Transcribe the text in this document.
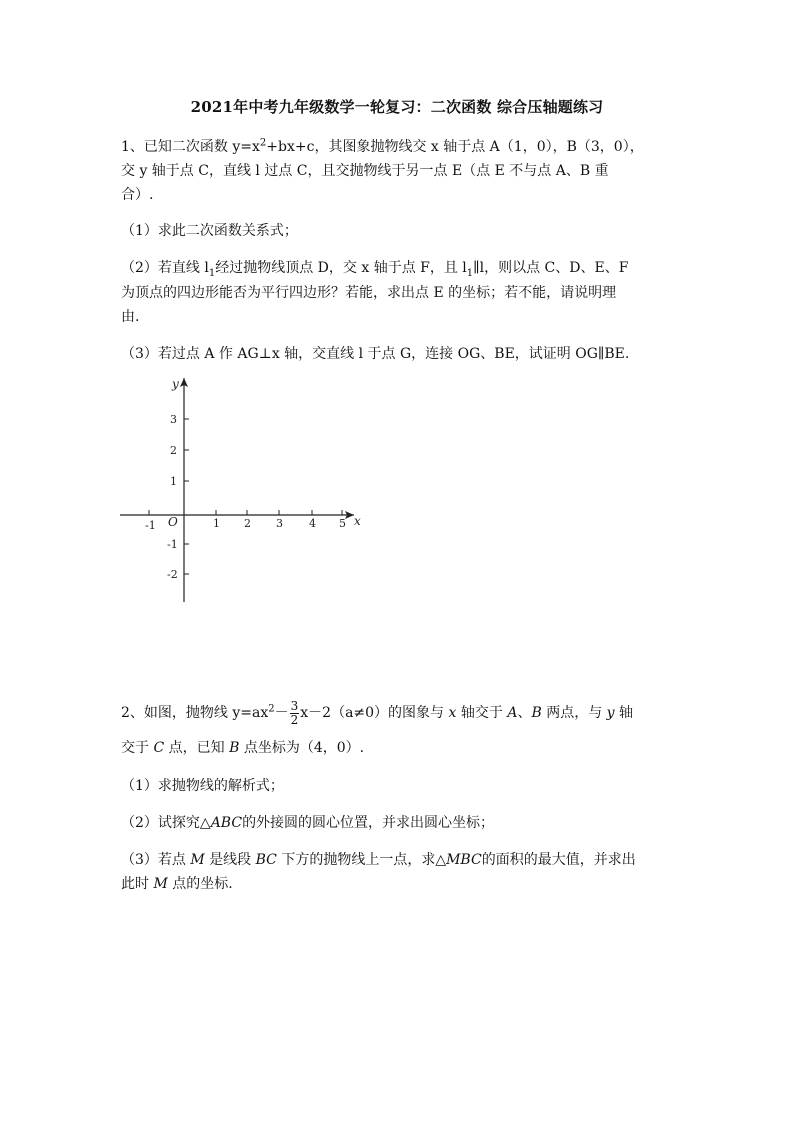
2021年中考九年级数学一轮复习：二次函数 综合压轴题练习
1、已知二次函数 $y=x^2+bx+c$，其图象抛物线交 x 轴于点 A（1，0），B（3，0），
交 y 轴于点 C，直线 l 过点 C，且交抛物线于另一点 E（点 E 不与点 A、B 重
合）.
（1）求此二次函数关系式；
（2）若直线 $l_1$经过抛物线顶点 D，交 x 轴于点 F，且 $l_1\parallel l$，则以点 C、D、E、F
为顶点的四边形能否为平行四边形？若能，求出点 E 的坐标；若不能，请说明理
由.
（3）若过点 A 作 AG⊥x 轴，交直线 l 于点 G，连接 OG、BE，试证明 OG∥BE.
-1	1 2 3 4 5
3
2
1
-1
-2
O	x
y
2、如图，抛物线 $y=ax^2- \frac{3}{2} x-2(a\ne 0)$的图象与 x 轴交于 A、B 两点，与 y 轴
交于 C 点，已知 B 点坐标为（4，0）.
（1）求抛物线的解析式；
（2）试探究△ABC的外接圆的圆心位置，并求出圆心坐标；
（3）若点 M 是线段 BC 下方的抛物线上一点，求△MBC的面积的最大值，并求出
此时 M 点的坐标.
